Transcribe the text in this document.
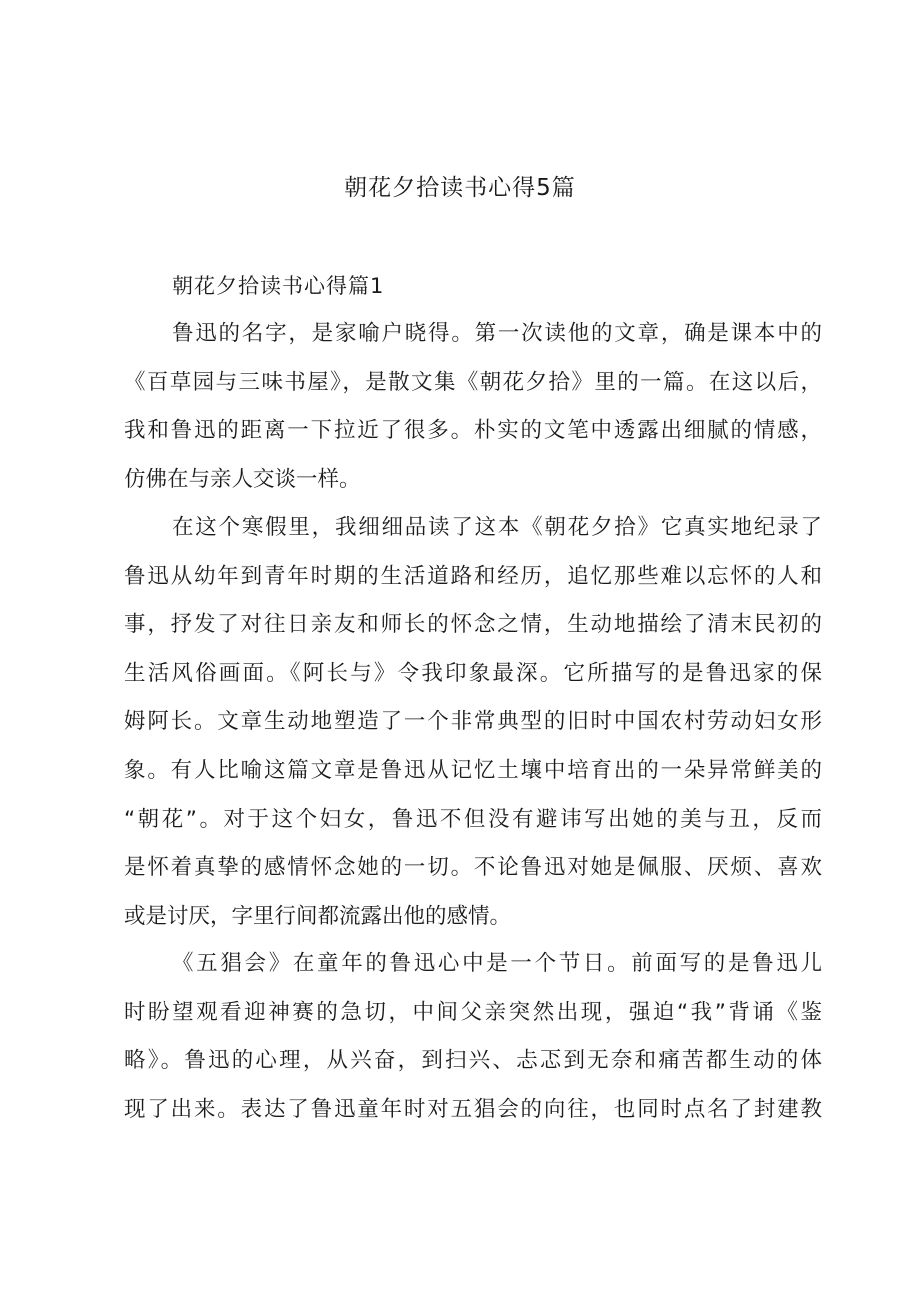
朝花夕拾读书心得5篇
朝花夕拾读书心得篇1
鲁迅的名字，是家喻户晓得。第一次读他的文章，确是课本中的
《百草园与三味书屋》，是散文集《朝花夕拾》里的一篇。在这以后，
我和鲁迅的距离一下拉近了很多。朴实的文笔中透露出细腻的情感，
仿佛在与亲人交谈一样。
在这个寒假里，我细细品读了这本《朝花夕拾》它真实地纪录了
鲁迅从幼年到青年时期的生活道路和经历，追忆那些难以忘怀的人和
事，抒发了对往日亲友和师长的怀念之情，生动地描绘了清末民初的
生活风俗画面。《阿长与》令我印象最深。它所描写的是鲁迅家的保
姆阿长。文章生动地塑造了一个非常典型的旧时中国农村劳动妇女形
象。有人比喻这篇文章是鲁迅从记忆土壤中培育出的一朵异常鲜美的
“朝花”。对于这个妇女，鲁迅不但没有避讳写出她的美与丑，反而
是怀着真挚的感情怀念她的一切。不论鲁迅对她是佩服、厌烦、喜欢
或是讨厌，字里行间都流露出他的感情。
《五猖会》在童年的鲁迅心中是一个节日。前面写的是鲁迅儿
时盼望观看迎神赛的急切，中间父亲突然出现，强迫“我”背诵《鉴
略》。鲁迅的心理，从兴奋，到扫兴、忐忑到无奈和痛苦都生动的体
现了出来。表达了鲁迅童年时对五猖会的向往，也同时点名了封建教
